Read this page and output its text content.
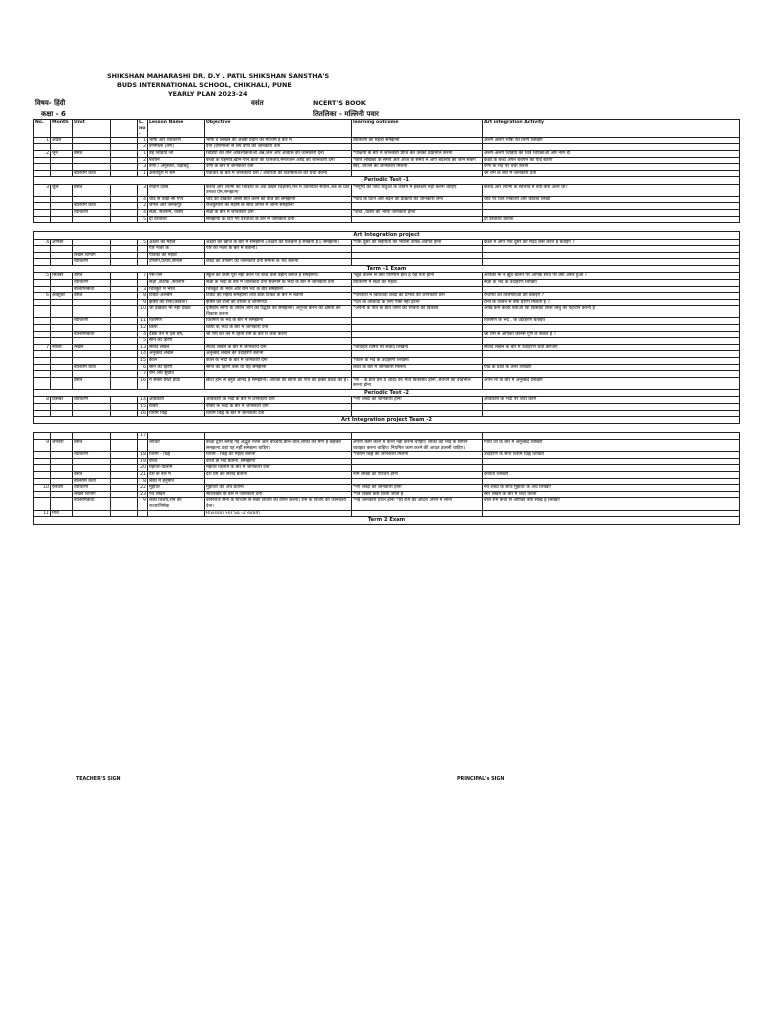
SHIKSHAN MAHARASHI DR. D.Y . PATIL SHIKSHAN SANSTHA'S
BUDS INTERNATIONAL SCHOOL, CHIKHALI, PUNE
YEARLY PLAN 2023-24
विषय- हिंदी
कक्षा - 6
वसंत	NCERT'S BOOK
तितलिका - मल्लिनी पवार
No.	Month	Unit		L. no.	Lesson Name	Objective	learning outcome	Art integration Activity
1	अप्रल			1	भाषा और व्याकरण	भाषा व लिखने का अच्छा प्रदान का माध्यम है बारे में	व्याकरण का महत्व समझाना	अलग अलग भाषा की लिपि लिखिए
				2	वर्णमाला (वर्ण)	देना (वर्णमाला से लघ वर्णों की जानकारी देना		
2	जून	वसंत		1	वह चिड़िया जो	चिड़िया की तीन आवश्यकताओं अन्न,जल और आवास की जानकारी देना	*पक्षियों के बारे में जानकारी प्राप्त कर उनकी देखभाल करना	अलग-अलग चिड़िया का चित्र चिपकाओ और नाम दो
				2	बचपन	बच्चों के पहनावे,खान-पान,बातों की दिनचर्या,मनोरंजन आदि की जानकारी देना	*छात्र लेखिका के समय और आज के समय में आए बदलाव को जान सकेंगे	कक्षा के बच्चे अपने बचपन की याद बताएं
				3	वर्णों / अनुस्वार, चंद्रबिंदु	वर्णों के बारे में जानकारी देना	स्वर, व्यंजन की जानकारी मिलना	वर्णों के भेद पर चर्चा करना
		बालराम कथा		1	अवधपुरी में राम	पत्राचार के बारे में जानकारी देना / अयोध्या की विशेषताओं की चर्चा करना		श्री राम के बारे में जानकारी देना
Periodic Test -1								
3	जुलै	वसंत		3	नादान दोस्त	केशव और श्यामा का चिड़िया के अंडे देखने जिज्ञासा,मन में उठनेवाले सवाल,अंडे के प्रति उनका प्रेम,समझाना	*मनुष्य को जीव जंतुओं के जीवन में हस्तक्षेप नहीं करना चाहिए	केशव और श्यामा के स्वभाव में क्या-क्या अंतर था?
				4	चांद से थोड़ी-सी गप्पें	चांद को देखकर उससे बात करने की बात को समझाना	*चांद के घटने और बढ़ने की प्रक्रिया की जानकारी लेना	चांद पर चित्र निकालो और कविता लिखो
		बालराम कथा		2	जंगल और जनकपुर	राजकुमारों का महर्षि के साथ जंगल में जाना समझाना		
		व्याकरण		4	संज्ञा, सर्वनाम, वाक्य	संज्ञा के बारे में जानकारी देना	*शब्द ,वाक्य की भाषा जानकारी होना	
				5	दो दरवाजा	समझाया के दिए गए दरवाजा के बारे में जानकारी देना		दो दरवाजा बताना

Art Integration project								
4	आगस्ट			5	अक्षरों का महत्व	अक्षरों की खोज के बारे में समझाना (अक्षरों को पकड़ना है सीखना है।) समझाना।	*एक दूसरे की सहायता की भावना उत्पन्न अवगत होना	कक्षा में आप एक दूसरे की मदद कैसे करते है बताइए ?
					पार नज़र के	पार का नज़र के बारे में बताना।		
		लेखन विभाग			पत्रिका का महत्व			
		व्याकरण			उपसर्ग,प्रत्यय,समास	शब्दों का उपसर्ग की जानकारी देना समास के भेद बताना		
Term -1 Exam								
5	सितंबर	वसंत		7	ऐसे-ऐसे	स्कूल का काम पूरा नहीं करने पर बच्चे कैसे बहाने बनाते है समझाना।	*झूठ बोलने से क्या परिणाम होते है यह पता होना	आपको माँ ने झूठ बोलने पर आपके साथ पर क्या असर हुआ ?
		व्याकरण			संज्ञा ,कारक ,सर्वनाम	संज्ञा के भेदों के बारे में जानकारी देना सर्वनाम के भेदों के बारे में जानकारी देना	व्याकरण में संज्ञा का महत्व	संज्ञा के भेद के उदाहरण लिखिए
		बालरामकथा		3	चित्रकूट में भरत	चित्रकूट के भरत और राम भेंट के बारे समझाना		
6	अक्टूबर	वसंत		8	टिकट-अलबम	टिकट का महत्व समझाना तथा डाक टिकट के बारे में बताना	*परिवारों में विविधता शब्दों का प्रभाव की जानकारी देना	राजप्पा की विशेषताओं को बताइए ?
				9	झाँसी की रानी(कविता)	झाँसी की रानी की वीरता व शौर्यगाथा	*देश के आजादी के लिए पीछे नहीं हटना	रानी के जीवन से क्या प्रेरणा मिलती है ?
				10	जो देखकर भी नहीं देखते	दृष्टिहीन लोगों के जीवन जीने की पद्धति को समझाना। अनुभव करने की क्षमता का विकास करना	*अपनी के पति के प्रति जीना की भावना का विकास	आँखे कम करके बताओ कि किसको किस वस्तु की पहचान करनी है
		व्याकरण		11	विशेषण	विशेषण के भेद के बारे में समझाना		विशेषण के भेद , के उदाहरण बताइये
				12	क्रिया	क्रिया के भेदों के बारे में जानकारी देना		
		बालरामकथा		4	दंडक वन में दस वर्ष,	श्री राम का वन में रहना राम के बारे में चर्चा करना		श्री राम से आपको कौनसे गुण ले सकते है ?
				5	सोने का हिरण			
7	नवंबर	लेखन		13	संवाद लेखन	संवाद लेखन के बारे में जानकारी देना	*व्यवहार विषय पर संवाद लिखना	संवाद लेखन के बारे में उदाहरण चर्चा कीजिए
				14	अनुच्छेद लेखन	अनुच्छेद लेखन का उदाहरण बताना		
				15	काल	काल के भेदों के बारे में जानकारी देना	*काल के भेद के उदाहरण लिखना	
		बालराम कथा		6	सोने का हिरण	सोना का हिरण कैसे था यह समझाना	लंका के बारे में जानकारी मिलना	पाठ के प्रश्नों के उत्तर लिखिए
				7	राम और सुग्रीव			
		वसंत		16	मैं सबसे छोटी होऊँ	छोटी होने से बहुत आनंद है समझाना। अधिक की छाया को पाने की इच्छा प्रकट की है।	*माँ - के प्रति प्रेम व आदर का भाव विकसित होना ,बचपन का देखभाल करना होना	अपने माँ के बारे में अनुच्छेद लिखिए
Periodic Test -2								
8	दिसंबर	व्याकरण		14	अविकारी	अविकारी के भेदों के बारे में जानकारी देना	*नए शब्दों की जानकारी होना	अविकारी के भेदों पर चर्चा करेंगे
				15	वाक्य	वाक्य के भेदों के बारे में जानकारी देना		
				16	विराम चिह्न	विराम चिह्न के बारे में जानकारी देना		
Art Integration project Team -2								

				17				
9	जनवरी	वसंत			लोकिर	बच्चों द्वारा बनाई गई अद्भुत रचना और बच्चियां,बोल-चाल,लोकों को मांगे है कहकर समझाना,यहां यह नहीं समझना चाहिए।	अपना काम करने में कभी नहीं करनी चाहिए। लोकों को भाई के समान व्यवहार करना चाहिए। नियमित काम करने की आदत डालनी चाहिए।	गांधी जी के बारे में अनुच्छेद लिखिए
		व्याकरण		18	विराम - चिह्न	विराम - चिह्न का महत्व बताना	*विराम चिह्न की जानकारी मिलना	उदाहरण के साथ विराम चिह्न लिखिए
				19	वाच्य	वाच्य के भेद बताना ,समझाना		
				20	महावरे-विलोम	महावरे विलोम के बारे में जानकारी देना		
		वसंत		21	देश के बारे में	देश प्रेम का संवाद बताना	नाम सीखा का परिचय होना	कविता लिखिए
		बालराम कथा		8	लंका में हनुमान			
10	फरवरी	व्याकरण		22	मुहावरे	मुहावरों का अर्थ बताना	*नए शब्दों की जानकारी होना	नए शब्दों के साथ मुहावरे के अर्थ लिखिए
		लेखन विभाग		23	पत्र लेखन	सारलेखन के बारे में जानकारी देना	*पत्र लेखन कैसे किया जाता है	सार लेखन के बारे में चर्चा करना
		बालरामकथा		9	लंका विजय,राम का राज्याभिषेक	वानरराज सेना के माध्यम से लंका विजय का वर्णन करना। राम के विजय की जानकारी देना।	*नई जानकारी प्राप्त होना *श्री राम का आदर्श अपने में लाना	बाल राम कथा से आपको क्या सीख है लिखिए
11	मार्च					Rivision For Sa -2 exam		
Term 2 Exam								
TEACHER'S SIGN	PRINCIPAL's SIGN
